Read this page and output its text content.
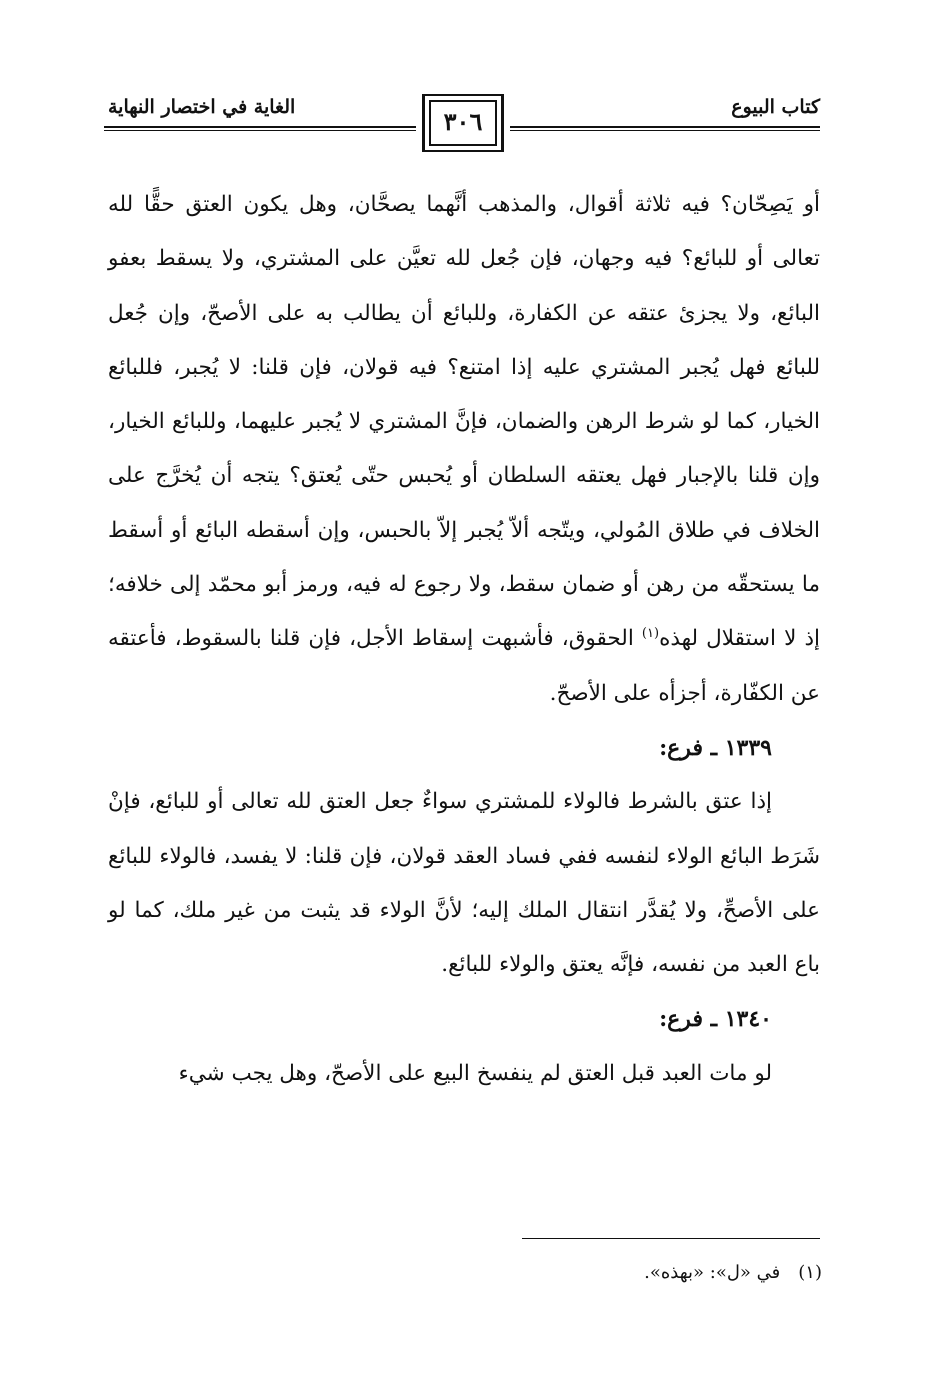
كتاب البيوع
الغاية في اختصار النهاية	٣٠٦

أو يَصِحّان؟ فيه ثلاثة أقوال، والمذهب أنَّهما يصحَّان، وهل يكون العتق حقًّا لله تعالى أو للبائع؟ فيه وجهان، فإن جُعل لله تعيَّن على المشتري، ولا يسقط بعفو البائع، ولا يجزئ عتقه عن الكفارة، وللبائع أن يطالب به على الأصحّ، وإن جُعل للبائع فهل يُجبر المشتري عليه إذا امتنع؟ فيه قولان، فإن قلنا: لا يُجبر، فللبائع الخيار، كما لو شرط الرهن والضمان، فإنَّ المشتري لا يُجبر عليهما، وللبائع الخيار، وإن قلنا بالإجبار فهل يعتقه السلطان أو يُحبس حتّى يُعتق؟ يتجه أن يُخرَّج على الخلاف في طلاق المُولي، ويتّجه ألاّ يُجبر إلاّ بالحبس، وإن أسقطه البائع أو أسقط ما يستحقّه من رهن أو ضمان سقط، ولا رجوع له فيه، ورمز أبو محمّد إلى خلافه؛ إذ لا استقلال لهذه$^{(١)}$ الحقوق، فأشبهت إسقاط الأجل، فإن قلنا بالسقوط، فأعتقه عن الكفّارة، أجزأه على الأصحّ.

١٣٣٩ ـ فرع:

إذا عتق بالشرط فالولاء للمشتري سواءٌ جعل العتق لله تعالى أو للبائع، فإنْ شَرَط البائع الولاء لنفسه ففي فساد العقد قولان، فإن قلنا: لا يفسد، فالولاء للبائع على الأصحِّ، ولا يُقدَّر انتقال الملك إليه؛ لأنَّ الولاء قد يثبت من غير ملك، كما لو باع العبد من نفسه، فإنَّه يعتق والولاء للبائع.

١٣٤٠ ـ فرع:

لو مات العبد قبل العتق لم ينفسخ البيع على الأصحّ، وهل يجب شيء

(١)في «ل»: «بهذه».
